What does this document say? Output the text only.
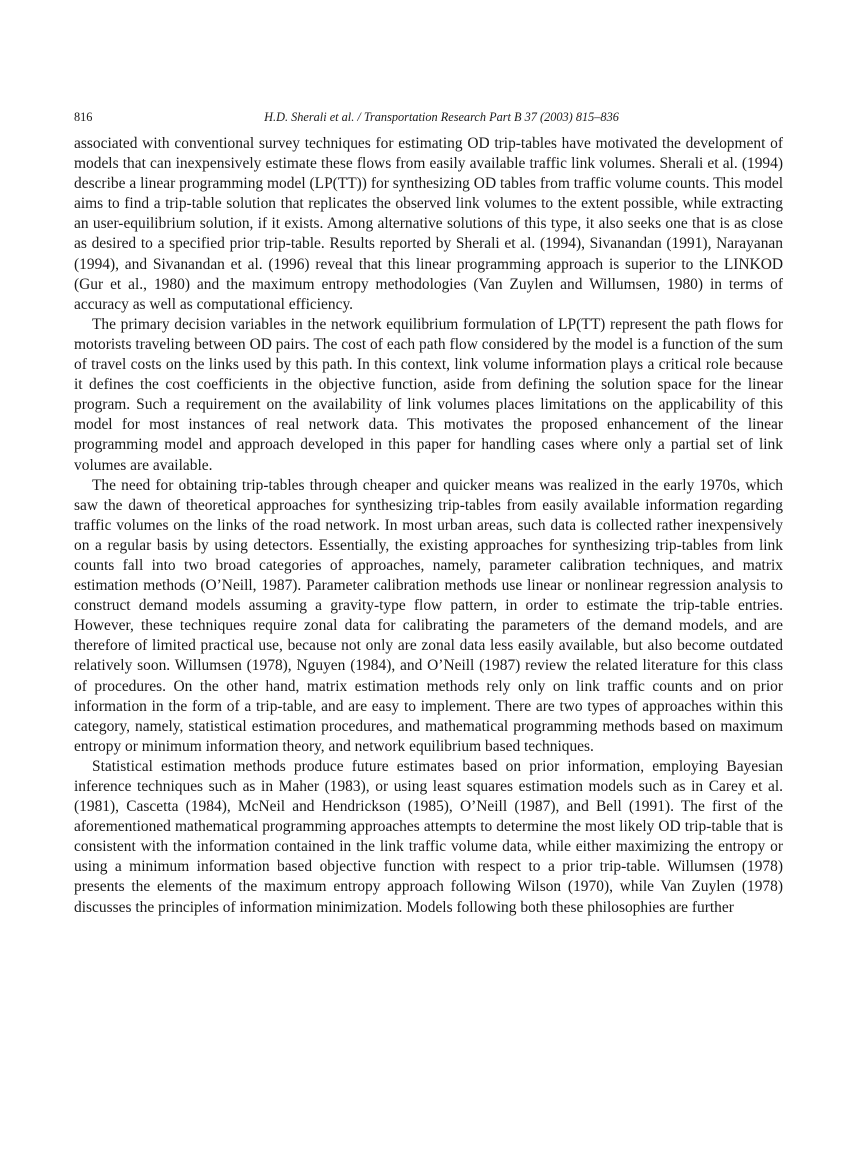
816	H.D. Sherali et al. / Transportation Research Part B 37 (2003) 815–836

associated with conventional survey techniques for estimating OD trip-tables have motivated the development of models that can inexpensively estimate these flows from easily available traffic link volumes. Sherali et al. (1994) describe a linear programming model (LP(TT)) for synthesizing OD tables from traffic volume counts. This model aims to find a trip-table solution that replicates the observed link volumes to the extent possible, while extracting an user-equilibrium solution, if it exists. Among alternative solutions of this type, it also seeks one that is as close as desired to a specified prior trip-table. Results reported by Sherali et al. (1994), Sivanandan (1991), Narayanan (1994), and Sivanandan et al. (1996) reveal that this linear programming approach is superior to the LINKOD (Gur et al., 1980) and the maximum entropy methodologies (Van Zuylen and Willumsen, 1980) in terms of accuracy as well as computational efficiency.

The primary decision variables in the network equilibrium formulation of LP(TT) represent the path flows for motorists traveling between OD pairs. The cost of each path flow considered by the model is a function of the sum of travel costs on the links used by this path. In this context, link volume information plays a critical role because it defines the cost coefficients in the objective function, aside from defining the solution space for the linear program. Such a requirement on the availability of link volumes places limitations on the applicability of this model for most instances of real network data. This motivates the proposed enhancement of the linear programming model and approach developed in this paper for handling cases where only a partial set of link volumes are available.

The need for obtaining trip-tables through cheaper and quicker means was realized in the early 1970s, which saw the dawn of theoretical approaches for synthesizing trip-tables from easily available information regarding traffic volumes on the links of the road network. In most urban areas, such data is collected rather inexpensively on a regular basis by using detectors. Essentially, the existing approaches for synthesizing trip-tables from link counts fall into two broad categories of approaches, namely, parameter calibration techniques, and matrix estimation methods (O’Neill, 1987). Parameter calibration methods use linear or nonlinear regression analysis to construct demand models assuming a gravity-type flow pattern, in order to estimate the trip-table entries. However, these techniques require zonal data for calibrating the parameters of the demand models, and are therefore of limited practical use, because not only are zonal data less easily available, but also become outdated relatively soon. Willumsen (1978), Nguyen (1984), and O’Neill (1987) review the related literature for this class of procedures. On the other hand, matrix estimation methods rely only on link traffic counts and on prior information in the form of a trip-table, and are easy to implement. There are two types of approaches within this category, namely, statistical estimation procedures, and mathematical programming methods based on maximum entropy or minimum information theory, and network equilibrium based techniques.

Statistical estimation methods produce future estimates based on prior information, employing Bayesian inference techniques such as in Maher (1983), or using least squares estimation models such as in Carey et al. (1981), Cascetta (1984), McNeil and Hendrickson (1985), O’Neill (1987), and Bell (1991). The first of the aforementioned mathematical programming approaches attempts to determine the most likely OD trip-table that is consistent with the information contained in the link traffic volume data, while either maximizing the entropy or using a minimum information based objective function with respect to a prior trip-table. Willumsen (1978) presents the elements of the maximum entropy approach following Wilson (1970), while Van Zuylen (1978) discusses the principles of information minimization. Models following both these philosophies are further
